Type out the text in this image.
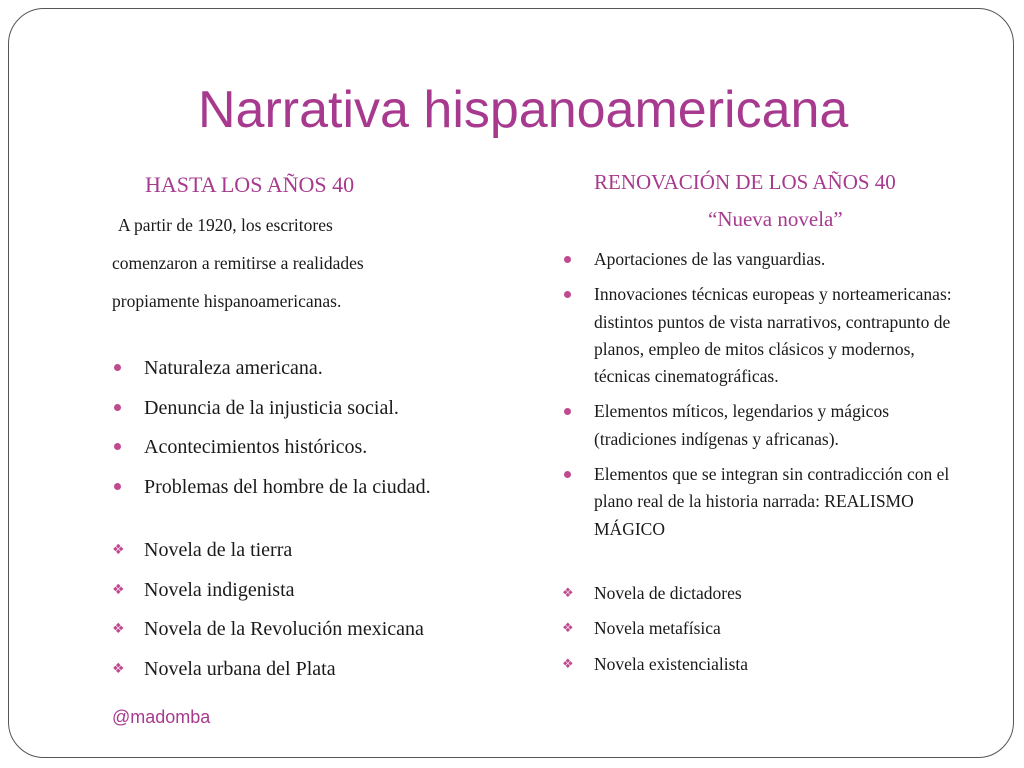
Narrativa hispanoamericana
HASTA LOS AÑOS 40
A partir de 1920, los escritores
comenzaron a remitirse a realidades
propiamente hispanoamericanas.
Naturaleza americana.
Denuncia de la injusticia social.
Acontecimientos históricos.
Problemas del hombre de la ciudad.
❖ Novela de la tierra
❖ Novela indigenista
❖ Novela de la Revolución mexicana
❖ Novela urbana del Plata
RENOVACIÓN DE LOS AÑOS 40
“Nueva novela”
Aportaciones de las vanguardias.
Innovaciones técnicas europeas y norteamericanas: distintos puntos de vista narrativos, contrapunto de planos, empleo de mitos clásicos y modernos, técnicas cinematográficas.
Elementos míticos, legendarios y mágicos (tradiciones indígenas y africanas).
Elementos que se integran sin contradicción con el plano real de la historia narrada: REALISMO MÁGICO
❖ Novela de dictadores
❖ Novela metafísica
❖ Novela existencialista
@madomba
